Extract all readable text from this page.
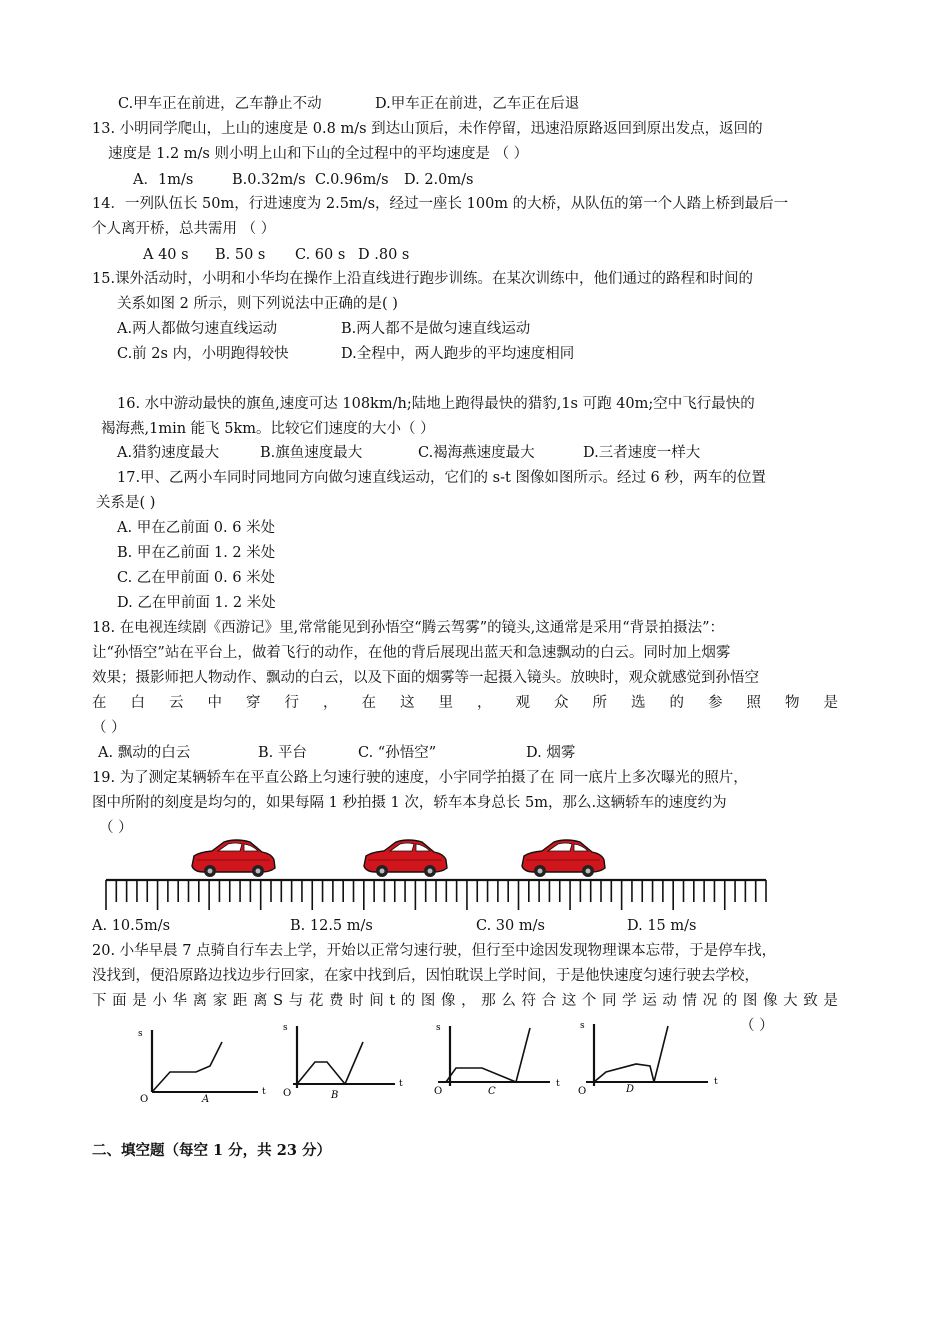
C.甲车正在前进，乙车静止不动	D.甲车正在前进，乙车正在后退
13. 小明同学爬山，上山的速度是 0.8 m/s 到达山顶后，未作停留，迅速沿原路返回到原出发点，返回的
速度是 1.2 m/s 则小明上山和下山的全过程中的平均速度是 （ ）
A．1m/s	B.0.32m/s C.0.96m/s D. 2.0m/s
14．一列队伍长 50m，行进速度为 2.5m/s，经过一座长 100m 的大桥，从队伍的第一个人踏上桥到最后一
个人离开桥，总共需用 （ ）
A 40 s B. 50 s C. 60 s D .80 s
15.课外活动时，小明和小华均在操作上沿直线进行跑步训练。在某次训练中，他们通过的路程和时间的
关系如图 2 所示，则下列说法中正确的是( )
A.两人都做匀速直线运动	B.两人都不是做匀速直线运动
C.前 2s 内，小明跑得较快	D.全程中，两人跑步的平均速度相同
16. 水中游动最快的旗鱼,速度可达 108km/h;陆地上跑得最快的猎豹,1s 可跑 40m;空中飞行最快的
褐海燕,1min 能飞 5km。比较它们速度的大小（ ）
A.猎豹速度最大	B.旗鱼速度最大	C.褐海燕速度最大	D.三者速度一样大
17.甲、乙两小车同时同地同方向做匀速直线运动，它们的 s-t 图像如图所示。经过 6 秒，两车的位置
关系是( )
A. 甲在乙前面 0. 6 米处
B. 甲在乙前面 1. 2 米处
C. 乙在甲前面 0. 6 米处
D. 乙在甲前面 1. 2 米处
18. 在电视连续剧《西游记》里,常常能见到孙悟空“腾云驾雾”的镜头,这通常是采用“背景拍摄法”：
让“孙悟空”站在平台上，做着飞行的动作，在他的背后展现出蓝天和急速飘动的白云。同时加上烟雾
效果；摄影师把人物动作、飘动的白云，以及下面的烟雾等一起摄入镜头。放映时，观众就感觉到孙悟空
在 白 云 中 穿 行 ， 在 这 里 ， 观 众 所 选 的 参 照 物 是
（ ）
A. 飘动的白云	B. 平台	C. “孙悟空”	D. 烟雾
19. 为了测定某辆轿车在平直公路上匀速行驶的速度，小宇同学拍摄了在 同一底片上多次曝光的照片，
图中所附的刻度是均匀的，如果每隔 1 秒拍摄 1 次，轿车本身总长 5m，那么.这辆轿车的速度约为
（ ）
A. 10.5m/s	B. 12.5 m/s	C. 30 m/s	D. 15 m/s
20. 小华早晨 7 点骑自行车去上学，开始以正常匀速行驶，但行至中途因发现物理课本忘带，于是停车找，
没找到，便沿原路边找边步行回家，在家中找到后，因怕耽误上学时间，于是他快速度匀速行驶去学校，
下 面 是 小 华 离 家 距 离 S 与 花 费 时 间 t 的 图 像 ， 那 么 符 合 这 个 同 学 运 动 情 况 的 图 像 大 致 是
（ ）
s
t
O	A
s
t
O	B
s
t
O	C
s
t
O	D
二、填空题（每空 1 分，共 23 分）
